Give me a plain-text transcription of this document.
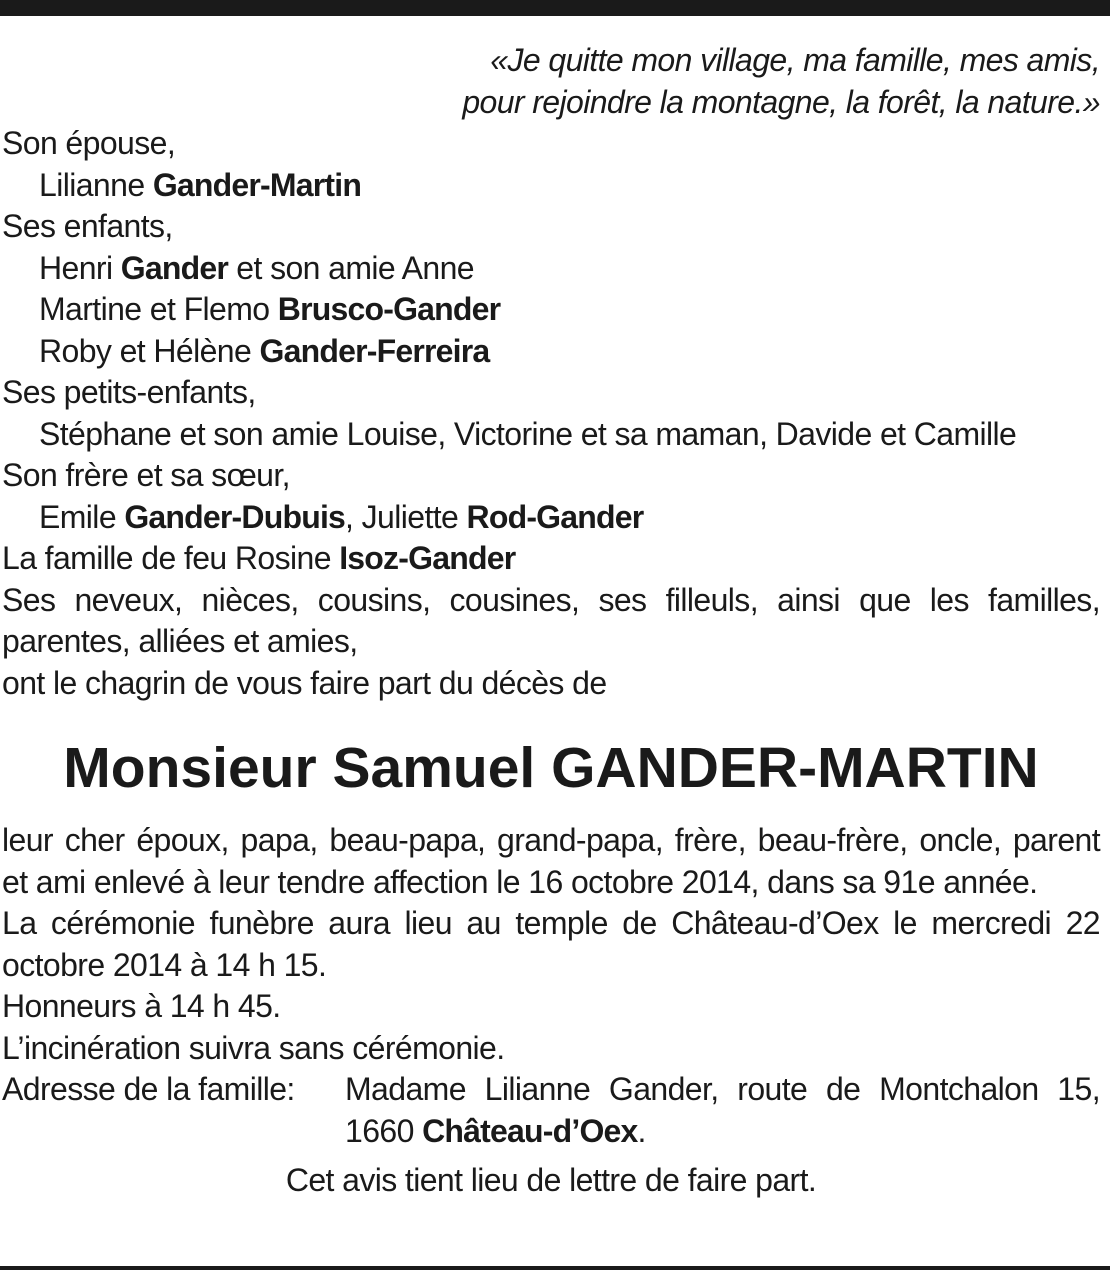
«Je quitte mon village, ma famille, mes amis,
pour rejoindre la montagne, la forêt, la nature.»
Son épouse,
Lilianne Gander-Martin
Ses enfants,
Henri Gander et son amie Anne
Martine et Flemo Brusco-Gander
Roby et Hélène Gander-Ferreira
Ses petits-enfants,
Stéphane et son amie Louise, Victorine et sa maman, Davide et Camille
Son frère et sa sœur,
Emile Gander-Dubuis, Juliette Rod-Gander
La famille de feu Rosine Isoz-Gander
Ses neveux, nièces, cousins, cousines, ses filleuls, ainsi que les familles, parentes, alliées et amies,
ont le chagrin de vous faire part du décès de
Monsieur Samuel GANDER-MARTIN
leur cher époux, papa, beau-papa, grand-papa, frère, beau-frère, oncle, parent et ami enlevé à leur tendre affection le 16 octobre 2014, dans sa 91e année.
La cérémonie funèbre aura lieu au temple de Château-d’Oex le mercredi 22 octobre 2014 à 14 h 15.
Honneurs à 14 h 45.
L’incinération suivra sans cérémonie.
Adresse de la famille:	Madame Lilianne Gander, route de Montchalon 15,
1660 Château-d’Oex.
Cet avis tient lieu de lettre de faire part.
